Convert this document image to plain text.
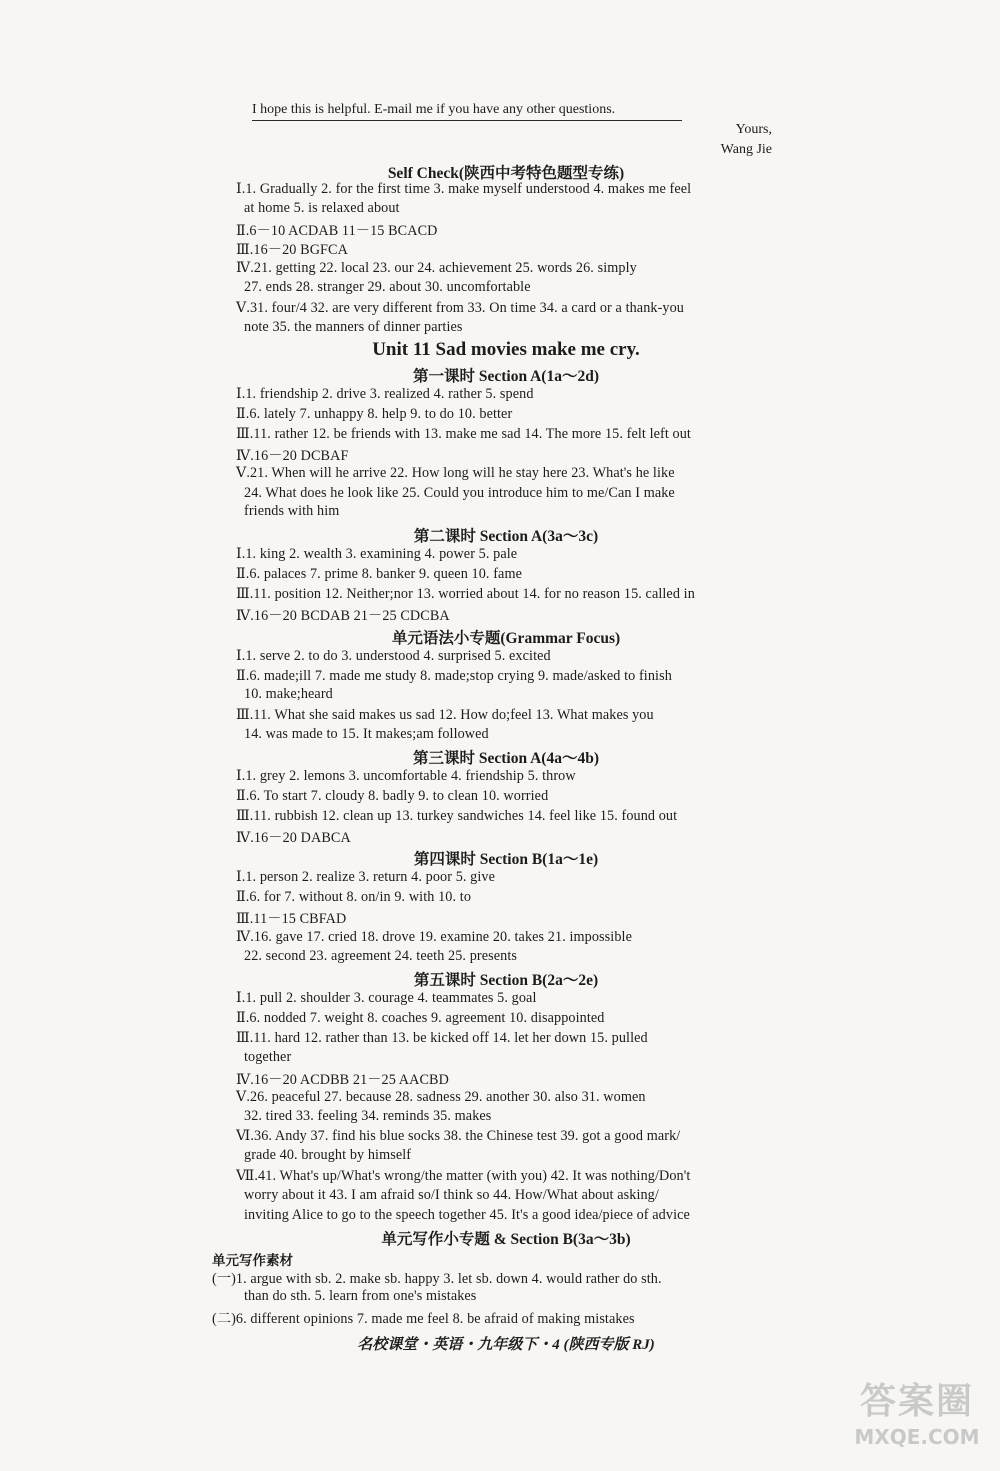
I hope this is helpful. E-mail me if you have any other questions.
Yours,
Wang Jie
Self Check(陕西中考特色题型专练)
Ⅰ.1. Gradually 2. for the first time 3. make myself understood 4. makes me feel
at home 5. is relaxed about
Ⅱ.6－10 ACDAB 11－15 BCACD
Ⅲ.16－20 BGFCA
Ⅳ.21. getting 22. local 23. our 24. achievement 25. words 26. simply
27. ends 28. stranger 29. about 30. uncomfortable
Ⅴ.31. four/4 32. are very different from 33. On time 34. a card or a thank-you
note 35. the manners of dinner parties
Unit 11 Sad movies make me cry.
第一课时 Section A(1a～2d)
Ⅰ.1. friendship 2. drive 3. realized 4. rather 5. spend
Ⅱ.6. lately 7. unhappy 8. help 9. to do 10. better
Ⅲ.11. rather 12. be friends with 13. make me sad 14. The more 15. felt left out
Ⅳ.16－20 DCBAF
Ⅴ.21. When will he arrive 22. How long will he stay here 23. What's he like
24. What does he look like 25. Could you introduce him to me/Can I make
friends with him
第二课时 Section A(3a～3c)
Ⅰ.1. king 2. wealth 3. examining 4. power 5. pale
Ⅱ.6. palaces 7. prime 8. banker 9. queen 10. fame
Ⅲ.11. position 12. Neither;nor 13. worried about 14. for no reason 15. called in
Ⅳ.16－20 BCDAB 21－25 CDCBA
单元语法小专题(Grammar Focus)
Ⅰ.1. serve 2. to do 3. understood 4. surprised 5. excited
Ⅱ.6. made;ill 7. made me study 8. made;stop crying 9. made/asked to finish
10. make;heard
Ⅲ.11. What she said makes us sad 12. How do;feel 13. What makes you
14. was made to 15. It makes;am followed
第三课时 Section A(4a～4b)
Ⅰ.1. grey 2. lemons 3. uncomfortable 4. friendship 5. throw
Ⅱ.6. To start 7. cloudy 8. badly 9. to clean 10. worried
Ⅲ.11. rubbish 12. clean up 13. turkey sandwiches 14. feel like 15. found out
Ⅳ.16－20 DABCA
第四课时 Section B(1a～1e)
Ⅰ.1. person 2. realize 3. return 4. poor 5. give
Ⅱ.6. for 7. without 8. on/in 9. with 10. to
Ⅲ.11－15 CBFAD
Ⅳ.16. gave 17. cried 18. drove 19. examine 20. takes 21. impossible
22. second 23. agreement 24. teeth 25. presents
第五课时 Section B(2a～2e)
Ⅰ.1. pull 2. shoulder 3. courage 4. teammates 5. goal
Ⅱ.6. nodded 7. weight 8. coaches 9. agreement 10. disappointed
Ⅲ.11. hard 12. rather than 13. be kicked off 14. let her down 15. pulled
together
Ⅳ.16－20 ACDBB 21－25 AACBD
Ⅴ.26. peaceful 27. because 28. sadness 29. another 30. also 31. women
32. tired 33. feeling 34. reminds 35. makes
Ⅵ.36. Andy 37. find his blue socks 38. the Chinese test 39. got a good mark/
grade 40. brought by himself
Ⅶ.41. What's up/What's wrong/the matter (with you) 42. It was nothing/Don't
worry about it 43. I am afraid so/I think so 44. How/What about asking/
inviting Alice to go to the speech together 45. It's a good idea/piece of advice
单元写作小专题 & Section B(3a～3b)
单元写作素材
(一)1. argue with sb. 2. make sb. happy 3. let sb. down 4. would rather do sth.
than do sth. 5. learn from one's mistakes
(二)6. different opinions 7. made me feel 8. be afraid of making mistakes
名校课堂・英语・九年级下・4 (陕西专版 RJ)
答案圈
MXQE.COM
